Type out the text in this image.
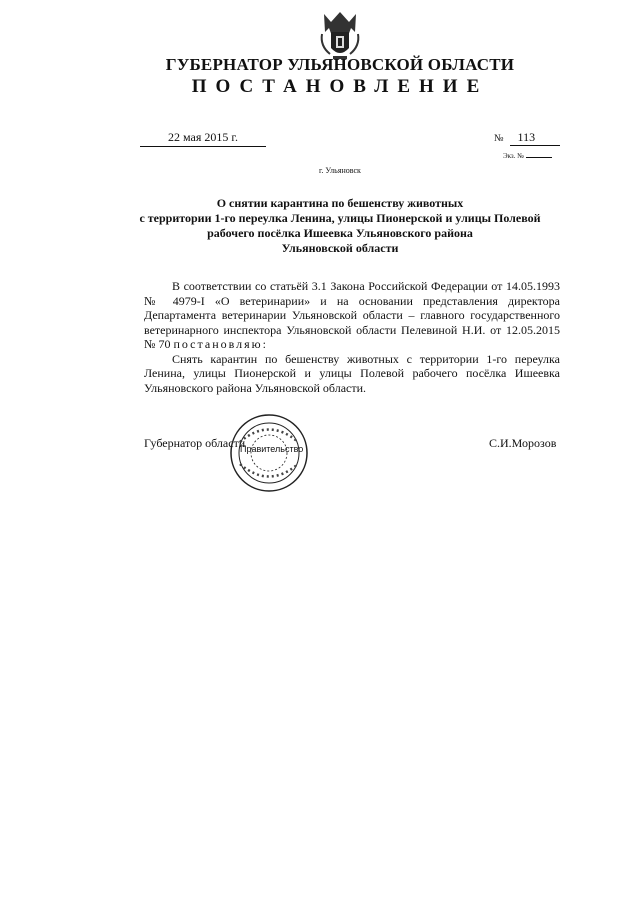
ГУБЕРНАТОР УЛЬЯНОВСКОЙ ОБЛАСТИ
ПОСТАНОВЛЕНИЕ
22 мая 2015 г.	№ 113
Экз. №
г. Ульяновск
О снятии карантина по бешенству животных
с территории 1-го переулка Ленина, улицы Пионерской и улицы Полевой
рабочего посёлка Ишеевка Ульяновского района
Ульяновской области

В соответствии со статьёй 3.1 Закона Российской Федерации от 14.05.1993 № 4979-I «О ветеринарии» и на основании представления директора Департамента ветеринарии Ульяновской области – главного государственного ветеринарного инспектора Ульяновской области Пелевиной Н.И. от 12.05.2015 № 70 постановляю:

Снять карантин по бешенству животных с территории 1-го переулка Ленина, улицы Пионерской и улицы Полевой рабочего посёлка Ишеевка Ульяновского района Ульяновской области.

Губернатор области	С.И.Морозов
Правительство
